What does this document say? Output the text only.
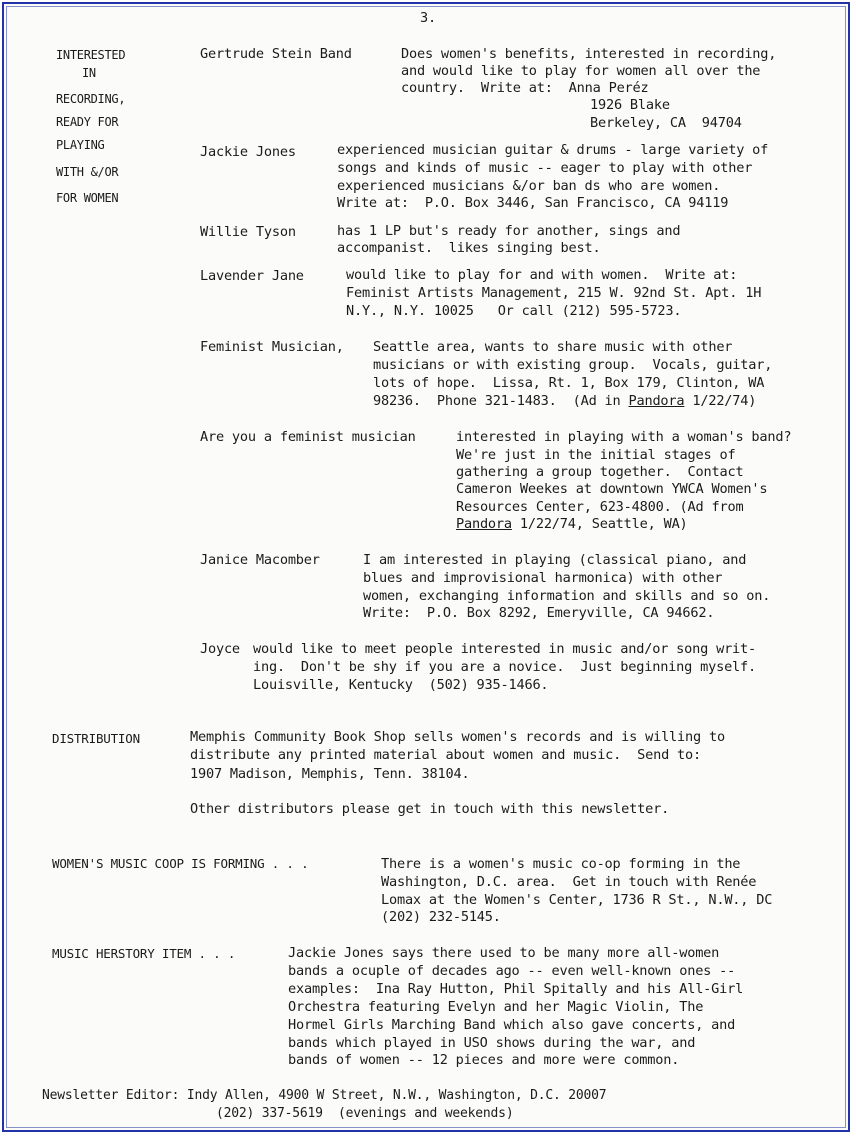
3.
INTERESTED
IN
RECORDING,
READY FOR
PLAYING
WITH &/OR
FOR WOMEN
Gertrude Stein Band	Does women's benefits, interested in recording,
and would like to play for women all over the
country.  Write at:  Anna Peréz
1926 Blake
Berkeley, CA  94704
Jackie Jones	experienced musician guitar & drums - large variety of
songs and kinds of music -- eager to play with other
experienced musicians &/or ban ds who are women.
Write at:  P.O. Box 3446, San Francisco, CA 94119
Willie Tyson	has 1 LP but's ready for another, sings and
accompanist.  likes singing best.
Lavender Jane	would like to play for and with women.  Write at:
Feminist Artists Management, 215 W. 92nd St. Apt. 1H
N.Y., N.Y. 10025   Or call (212) 595-5723.
Feminist Musician, Seattle area, wants to share music with other
musicians or with existing group.  Vocals, guitar,
lots of hope.  Lissa, Rt. 1, Box 179, Clinton, WA
98236.  Phone 321-1483.  (Ad in Pandora 1/22/74)
Are you a feminist musician	interested in playing with a woman's band?
We're just in the initial stages of
gathering a group together.  Contact
Cameron Weekes at downtown YWCA Women's
Resources Center, 623-4800. (Ad from
Pandora 1/22/74, Seattle, WA)
Janice Macomber	I am interested in playing (classical piano, and
blues and improvisional harmonica) with other
women, exchanging information and skills and so on.
Write:  P.O. Box 8292, Emeryville, CA 94662.
Joyce would like to meet people interested in music and/or song writ-
ing.  Don't be shy if you are a novice.  Just beginning myself.
Louisville, Kentucky  (502) 935-1466.
DISTRIBUTION	Memphis Community Book Shop sells women's records and is willing to
distribute any printed material about women and music.  Send to:
1907 Madison, Memphis, Tenn. 38104.
Other distributors please get in touch with this newsletter.
WOMEN'S MUSIC COOP IS FORMING . . .	There is a women's music co-op forming in the
Washington, D.C. area.  Get in touch with Renée
Lomax at the Women's Center, 1736 R St., N.W., DC
(202) 232-5145.
MUSIC HERSTORY ITEM . . .	Jackie Jones says there used to be many more all-women
bands a ocuple of decades ago -- even well-known ones --
examples:  Ina Ray Hutton, Phil Spitally and his All-Girl
Orchestra featuring Evelyn and her Magic Violin, The
Hormel Girls Marching Band which also gave concerts, and
bands which played in USO shows during the war, and
bands of women -- 12 pieces and more were common.
Newsletter Editor: Indy Allen, 4900 W Street, N.W., Washington, D.C. 20007
(202) 337-5619  (evenings and weekends)
